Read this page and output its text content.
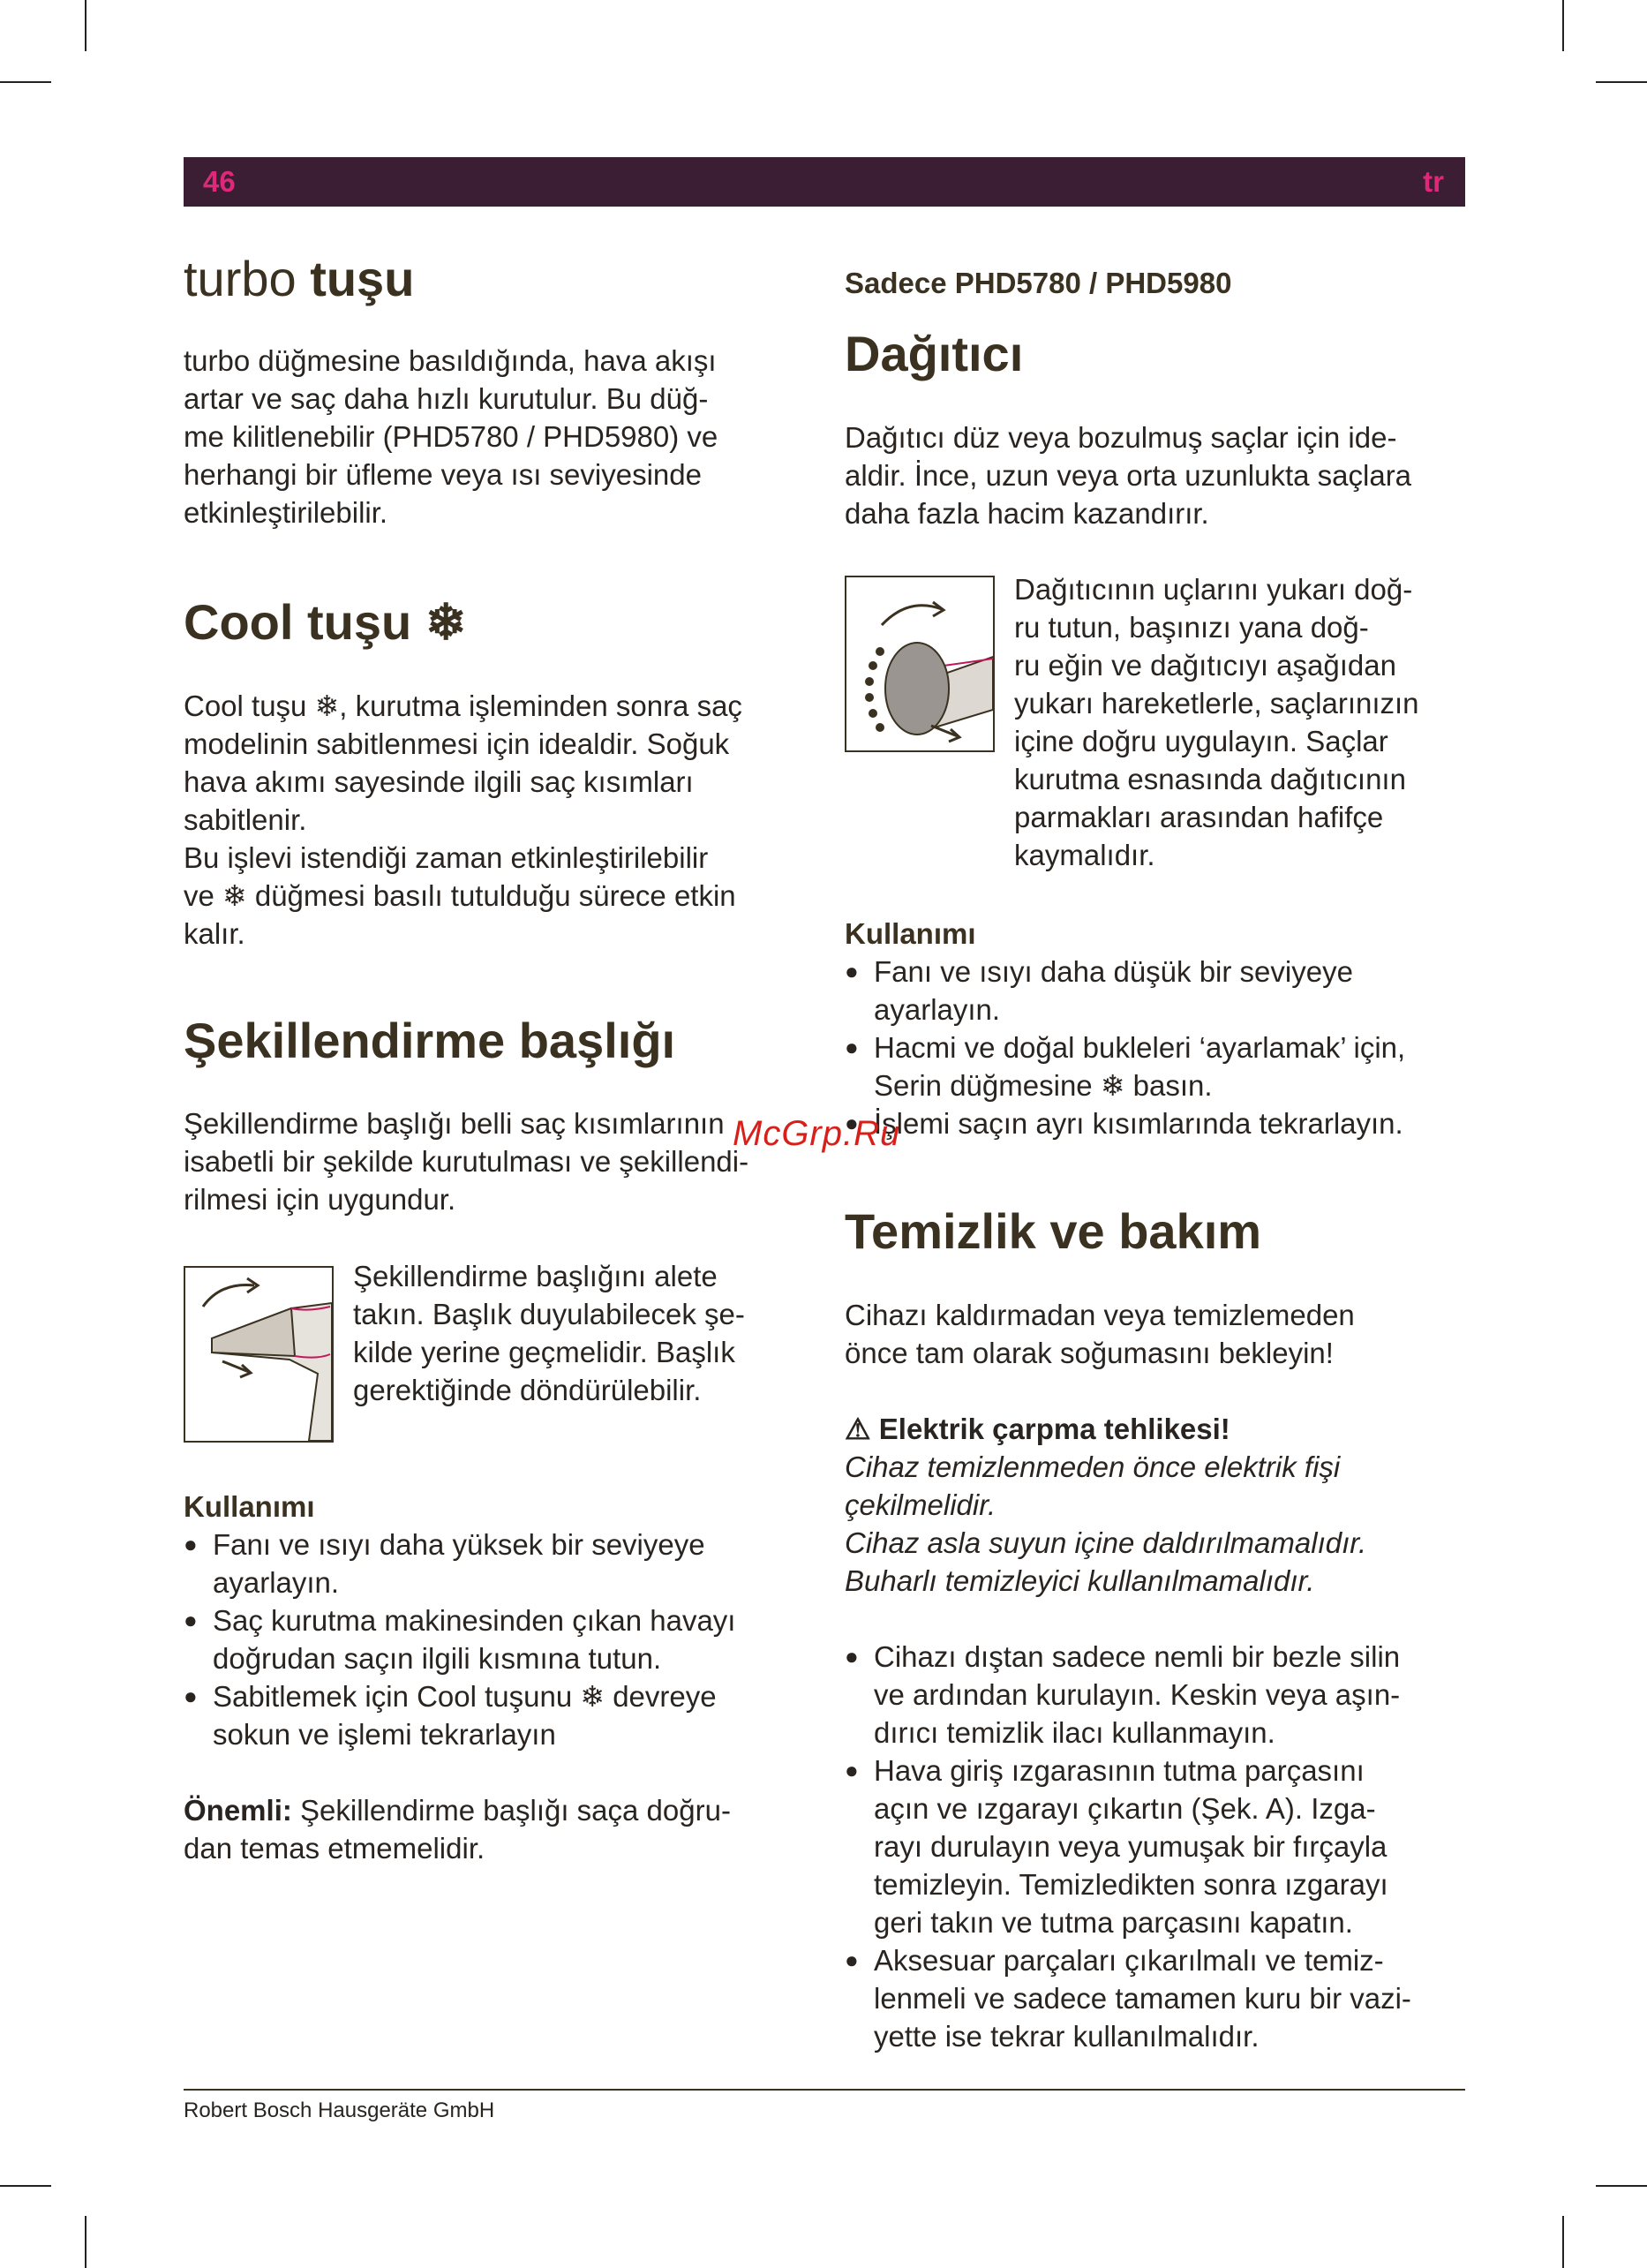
46	tr
turbo tuşu

turbo düğmesine basıldığında, hava akışı

artar ve saç daha hızlı kurutulur. Bu düğ-

me kilitlenebilir (PHD5780 / PHD5980) ve

herhangi bir üfleme veya ısı seviyesinde

etkinleştirilebilir.

Cool tuşu ❄

Cool tuşu ❄, kurutma işleminden sonra saç

modelinin sabitlenmesi için idealdir. Soğuk

hava akımı sayesinde ilgili saç kısımları

sabitlenir.

Bu işlevi istendiği zaman etkinleştirilebilir

ve ❄ düğmesi basılı tutulduğu sürece etkin

kalır.

Şekillendirme başlığı

Şekillendirme başlığı belli saç kısımlarının

isabetli bir şekilde kurutulması ve şekillendi-

rilmesi için uygundur.

Şekillendirme başlığını alete

takın. Başlık duyulabilecek şe-

kilde yerine geçmelidir. Başlık

gerektiğinde döndürülebilir.

Kullanımı
● Fanı ve ısıyı daha yüksek bir seviyeye
ayarlayın.
● Saç kurutma makinesinden çıkan havayı
doğrudan saçın ilgili kısmına tutun.
● Sabitlemek için Cool tuşunu ❄ devreye
sokun ve işlemi tekrarlayın

Önemli: Şekillendirme başlığı saça doğru-

dan temas etmemelidir.

Sadece PHD5780 / PHD5980
Dağıtıcı

Dağıtıcı düz veya bozulmuş saçlar için ide-

aldir. İnce, uzun veya orta uzunlukta saçlara

daha fazla hacim kazandırır.

Dağıtıcının uçlarını yukarı doğ-

ru tutun, başınızı yana doğ-

ru eğin ve dağıtıcıyı aşağıdan

yukarı hareketlerle, saçlarınızın

içine doğru uygulayın. Saçlar

kurutma esnasında dağıtıcının

parmakları arasından hafifçe

kaymalıdır.

Kullanımı
● Fanı ve ısıyı daha düşük bir seviyeye
ayarlayın.
● Hacmi ve doğal bukleleri ‘ayarlamak’ için,
Serin düğmesine ❄ basın.
● İşlemi saçın ayrı kısımlarında tekrarlayın.
Temizlik ve bakım

Cihazı kaldırmadan veya temizlemeden

önce tam olarak soğumasını bekleyin!

⚠ Elektrik çarpma tehlikesi!

Cihaz temizlenmeden önce elektrik fişi

çekilmelidir.

Cihaz asla suyun içine daldırılmamalıdır.

Buharlı temizleyici kullanılmamalıdır.

● Cihazı dıştan sadece nemli bir bezle silin
ve ardından kurulayın. Keskin veya aşın-
dırıcı temizlik ilacı kullanmayın.
● Hava giriş ızgarasının tutma parçasını
açın ve ızgarayı çıkartın (Şek. A). Izga-
rayı durulayın veya yumuşak bir fırçayla
temizleyin. Temizledikten sonra ızgarayı
geri takın ve tutma parçasını kapatın.
● Aksesuar parçaları çıkarılmalı ve temiz-
lenmeli ve sadece tamamen kuru bir vazi-
yette ise tekrar kullanılmalıdır.
McGrp.Ru
Robert Bosch Hausgeräte GmbH
